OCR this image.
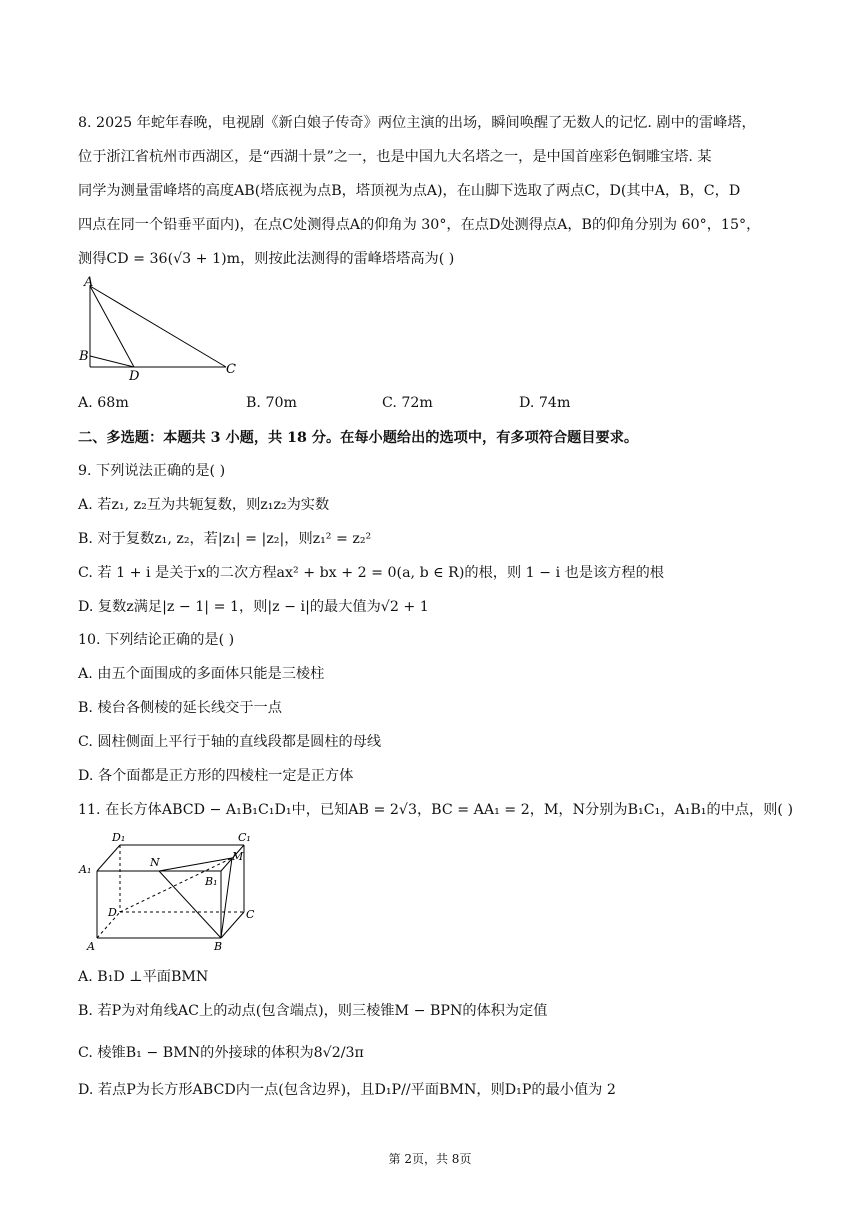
8. 2025 年蛇年春晚，电视剧《新白娘子传奇》两位主演的出场，瞬间唤醒了无数人的记忆. 剧中的雷峰塔，
位于浙江省杭州市西湖区，是“西湖十景”之一，也是中国九大名塔之一，是中国首座彩色铜雕宝塔. 某
同学为测量雷峰塔的高度AB(塔底视为点B，塔顶视为点A)，在山脚下选取了两点C，D(其中A，B，C，D
四点在同一个铅垂平面内)，在点C处测得点A的仰角为 30°，在点D处测得点A，B的仰角分别为 60°，15°，
测得CD = 36(√3 + 1)m，则按此法测得的雷峰塔塔高为( )
A
B
D	C
A. 68m	B. 70m	C. 72m	D. 74m
二、多选题：本题共 3 小题，共 18 分。在每小题给出的选项中，有多项符合题目要求。
9. 下列说法正确的是( )
A. 若z₁, z₂互为共轭复数，则z₁z₂为实数
B. 对于复数z₁, z₂，若|z₁| = |z₂|，则z₁² = z₂²
C. 若 1 + i 是关于x的二次方程ax² + bx + 2 = 0(a, b ∈ R)的根，则 1 − i 也是该方程的根
D. 复数z满足|z − 1| = 1，则|z − i|的最大值为√2 + 1
10. 下列结论正确的是( )
A. 由五个面围成的多面体只能是三棱柱
B. 棱台各侧棱的延长线交于一点
C. 圆柱侧面上平行于轴的直线段都是圆柱的母线
D. 各个面都是正方形的四棱柱一定是正方体
11. 在长方体ABCD − A₁B₁C₁D₁中，已知AB = 2√3，BC = AA₁ = 2，M，N分别为B₁C₁，A₁B₁的中点，则( )
D₁	C₁
A₁
N	M
B₁
D	C
A	B
A. B₁D ⊥平面BMN
B. 若P为对角线AC上的动点(包含端点)，则三棱锥M − BPN的体积为定值
C. 棱锥B₁ − BMN的外接球的体积为8√2/3π
D. 若点P为长方形ABCD内一点(包含边界)，且D₁P//平面BMN，则D₁P的最小值为 2
第 2页，共 8页
